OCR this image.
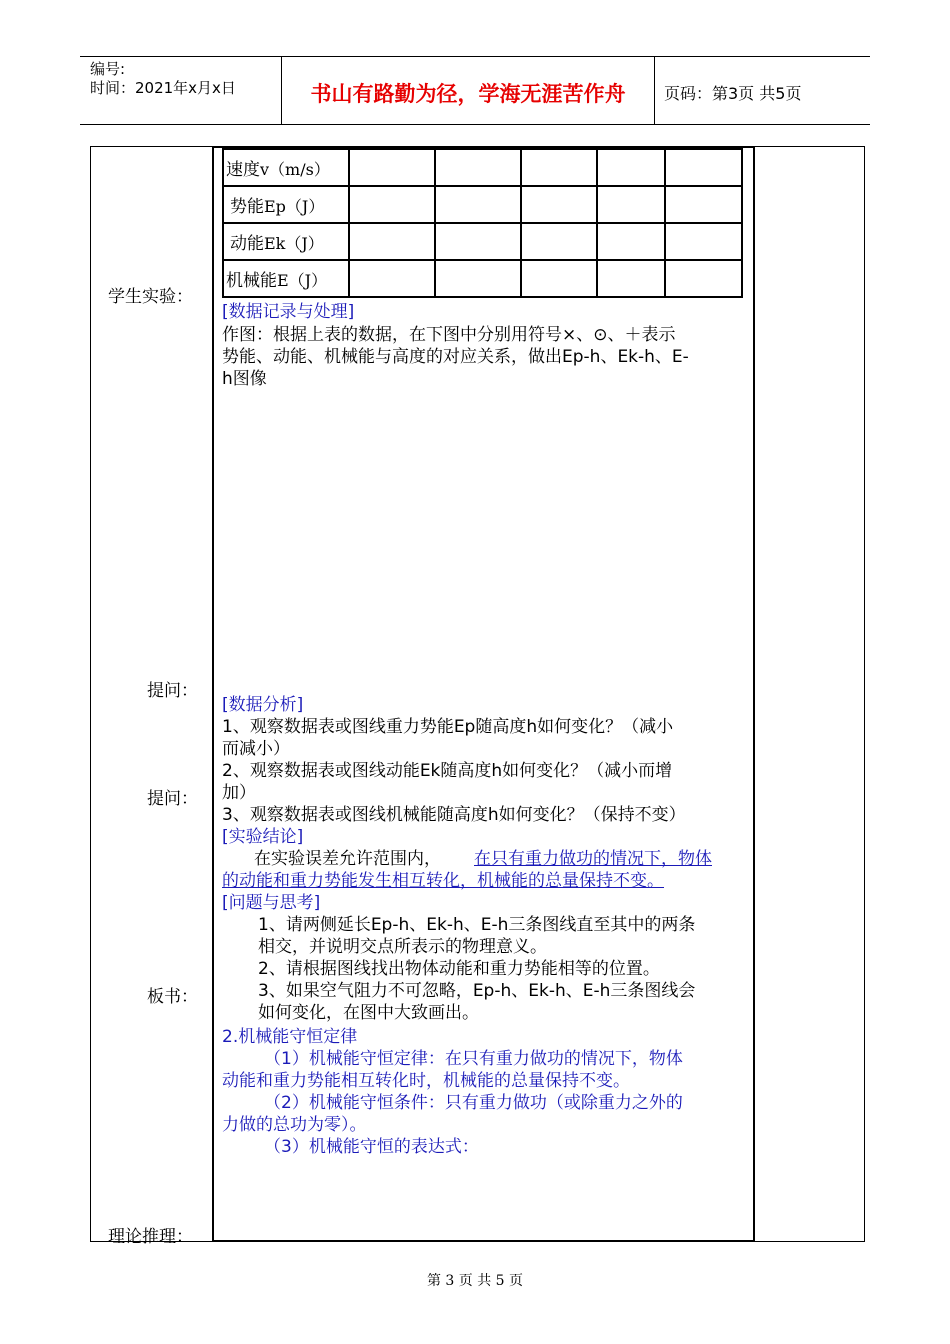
编号:
时间：2021年x月x日	书山有路勤为径，学海无涯苦作舟	页码：第3页 共5页
学生实验：
提问：
提问：
板书：
理论推理：
速度v（m/s）					
势能Ep（J）					
动能Ek（J）					
机械能E（J）					
[数据记录与处理]
作图：根据上表的数据，在下图中分别用符号×、⊙、＋表示
势能、动能、机械能与高度的对应关系，做出Ep-h、Ek-h、E-
h图像
[数据分析]
1、观察数据表或图线重力势能Ep随高度h如何变化？（减小
而减小）
2、观察数据表或图线动能Ek随高度h如何变化？（减小而增
加）
3、观察数据表或图线机械能随高度h如何变化？（保持不变）
[实验结论]
在实验误差允许范围内， 在只有重力做功的情况下，物体
的动能和重力势能发生相互转化，机械能的总量保持不变。
[问题与思考]
1、请两侧延长Ep-h、Ek-h、E-h三条图线直至其中的两条
相交，并说明交点所表示的物理意义。
2、请根据图线找出物体动能和重力势能相等的位置。
3、如果空气阻力不可忽略，Ep-h、Ek-h、E-h三条图线会
如何变化，在图中大致画出。
2.机械能守恒定律
（1）机械能守恒定律：在只有重力做功的情况下，物体
动能和重力势能相互转化时，机械能的总量保持不变。
（2）机械能守恒条件：只有重力做功（或除重力之外的
力做的总功为零）。
（3）机械能守恒的表达式：
第 3 页 共 5 页
